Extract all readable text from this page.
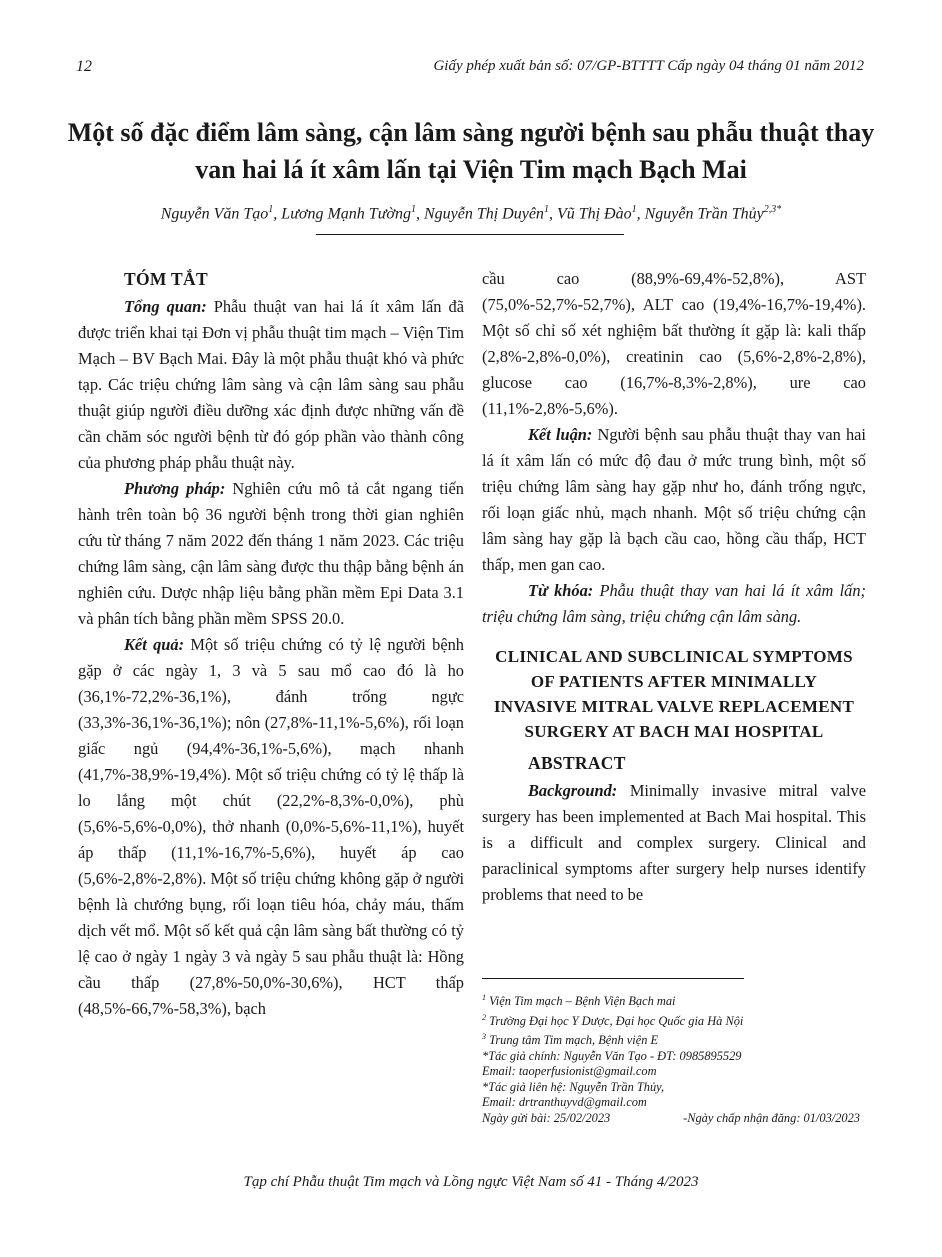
12	Giấy phép xuất bản số: 07/GP-BTTTT Cấp ngày 04 tháng 01 năm 2012
Một số đặc điểm lâm sàng, cận lâm sàng người bệnh sau phẫu thuật thay van hai lá ít xâm lấn tại Viện Tim mạch Bạch Mai
Nguyễn Văn Tạo$^1$, Lương Mạnh Tường$^1$, Nguyễn Thị Duyên$^1$, Vũ Thị Đào$^1$, Nguyễn Trần Thủy$^{2,3*}$
TÓM TẮT

Tổng quan: Phẫu thuật van hai lá ít xâm lấn đã được triển khai tại Đơn vị phẫu thuật tim mạch – Viện Tim Mạch – BV Bạch Mai. Đây là một phẫu thuật khó và phức tạp. Các triệu chứng lâm sàng và cận lâm sàng sau phẫu thuật giúp người điều dưỡng xác định được những vấn đề cần chăm sóc người bệnh từ đó góp phần vào thành công của phương pháp phẫu thuật này.

Phương pháp: Nghiên cứu mô tả cắt ngang tiến hành trên toàn bộ 36 người bệnh trong thời gian nghiên cứu từ tháng 7 năm 2022 đến tháng 1 năm 2023. Các triệu chứng lâm sàng, cận lâm sàng được thu thập bằng bệnh án nghiên cứu. Dược nhập liệu bằng phần mềm Epi Data 3.1 và phân tích bằng phần mềm SPSS 20.0.

Kết quả: Một số triệu chứng có tỷ lệ người bệnh gặp ở các ngày 1, 3 và 5 sau mổ cao đó là ho (36,1%-72,2%-36,1%), đánh trống ngực (33,3%-36,1%-36,1%); nôn (27,8%-11,1%-5,6%), rối loạn giấc ngủ (94,4%-36,1%-5,6%), mạch nhanh (41,7%-38,9%-19,4%). Một số triệu chứng có tỷ lệ thấp là lo lắng một chút (22,2%-8,3%-0,0%), phù (5,6%-5,6%-0,0%), thở nhanh (0,0%-5,6%-11,1%), huyết áp thấp (11,1%-16,7%-5,6%), huyết áp cao (5,6%-2,8%-2,8%). Một số triệu chứng không gặp ở người bệnh là chướng bụng, rối loạn tiêu hóa, chảy máu, thấm dịch vết mổ. Một số kết quả cận lâm sàng bất thường có tỷ lệ cao ở ngày 1 ngày 3 và ngày 5 sau phẫu thuật là: Hồng cầu thấp (27,8%-50,0%-30,6%), HCT thấp (48,5%-66,7%-58,3%), bạch

cầu cao (88,9%-69,4%-52,8%), AST (75,0%-52,7%-52,7%), ALT cao (19,4%-16,7%-19,4%). Một số chỉ số xét nghiệm bất thường ít gặp là: kali thấp (2,8%-2,8%-0,0%), creatinin cao (5,6%-2,8%-2,8%), glucose cao (16,7%-8,3%-2,8%), ure cao (11,1%-2,8%-5,6%).

Kết luận: Người bệnh sau phẫu thuật thay van hai lá ít xâm lấn có mức độ đau ở mức trung bình, một số triệu chứng lâm sàng hay gặp như ho, đánh trống ngực, rối loạn giấc nhủ, mạch nhanh. Một số triệu chứng cận lâm sàng hay gặp là bạch cầu cao, hồng cầu thấp, HCT thấp, men gan cao.

Từ khóa: Phẫu thuật thay van hai lá ít xâm lấn; triệu chứng lâm sàng, triệu chứng cận lâm sàng.

CLINICAL AND SUBCLINICAL SYMPTOMS OF PATIENTS AFTER MINIMALLY INVASIVE MITRAL VALVE REPLACEMENT SURGERY AT BACH MAI HOSPITAL
ABSTRACT

Background: Minimally invasive mitral valve surgery has been implemented at Bach Mai hospital. This is a difficult and complex surgery. Clinical and paraclinical symptoms after surgery help nurses identify problems that need to be

$^1$ Viện Tim mạch – Bệnh Viện Bạch mai
$^2$ Trường Đại học Y Dược, Đại học Quốc gia Hà Nội
$^3$ Trung tâm Tim mạch, Bệnh viện E
*Tác giả chính: Nguyễn Văn Tạo - ĐT: 0985895529
Email: taoperfusionist@gmail.com
*Tác giả liên hệ: Nguyễn Trần Thủy,
Email: drtranthuyvd@gmail.com
Ngày gửi bài: 25/02/2023	-Ngày chấp nhận đăng: 01/03/2023
Tạp chí Phẫu thuật Tim mạch và Lồng ngực Việt Nam số 41 - Tháng 4/2023
